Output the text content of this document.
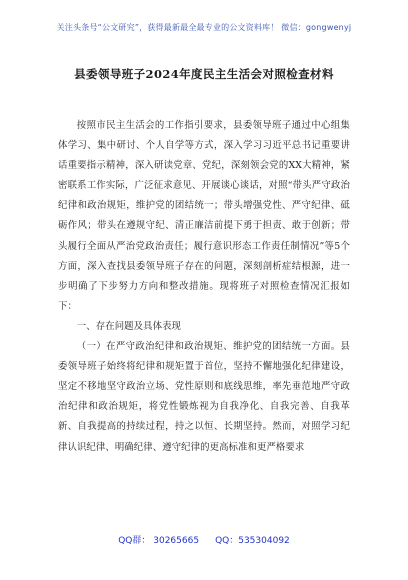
关注头条号“公文研究”，获得最新最全最专业的公文资料库！ 微信：gongwenyj
县委领导班子2024年度民主生活会对照检查材料

按照市民主生活会的工作指引要求，县委领导班子通过中心组集体学习、集中研讨、个人自学等方式，深入学习习近平总书记重要讲话重要指示精神，深入研读党章、党纪，深刻领会党的XX大精神，紧密联系工作实际，广泛征求意见、开展谈心谈话，对照“带头严守政治纪律和政治规矩，维护党的团结统一；带头增强党性、严守纪律、砥砺作风；带头在遵规守纪、清正廉洁前提下勇于担责、敢于创新；带头履行全面从严治党政治责任；履行意识形态工作责任制情况”等5个方面，深入查找县委领导班子存在的问题，深刻剖析症结根源，进一步明确了下步努力方向和整改措施。现将班子对照检查情况汇报如下：

一、存在问题及具体表现

（一）在严守政治纪律和政治规矩、维护党的团结统一方面。县委领导班子始终将纪律和规矩置于首位，坚持不懈地强化纪律建设，坚定不移地坚守政治立场、党性原则和底线思维，率先垂范地严守政治纪律和政治规矩，将党性锻炼视为自我净化、自我完善、自我革新、自我提高的持续过程，持之以恒、长期坚持。然而，对照学习纪律认识纪律、明确纪律、遵守纪律的更高标准和更严格要求

QQ群： 30265665 QQ：535304092
